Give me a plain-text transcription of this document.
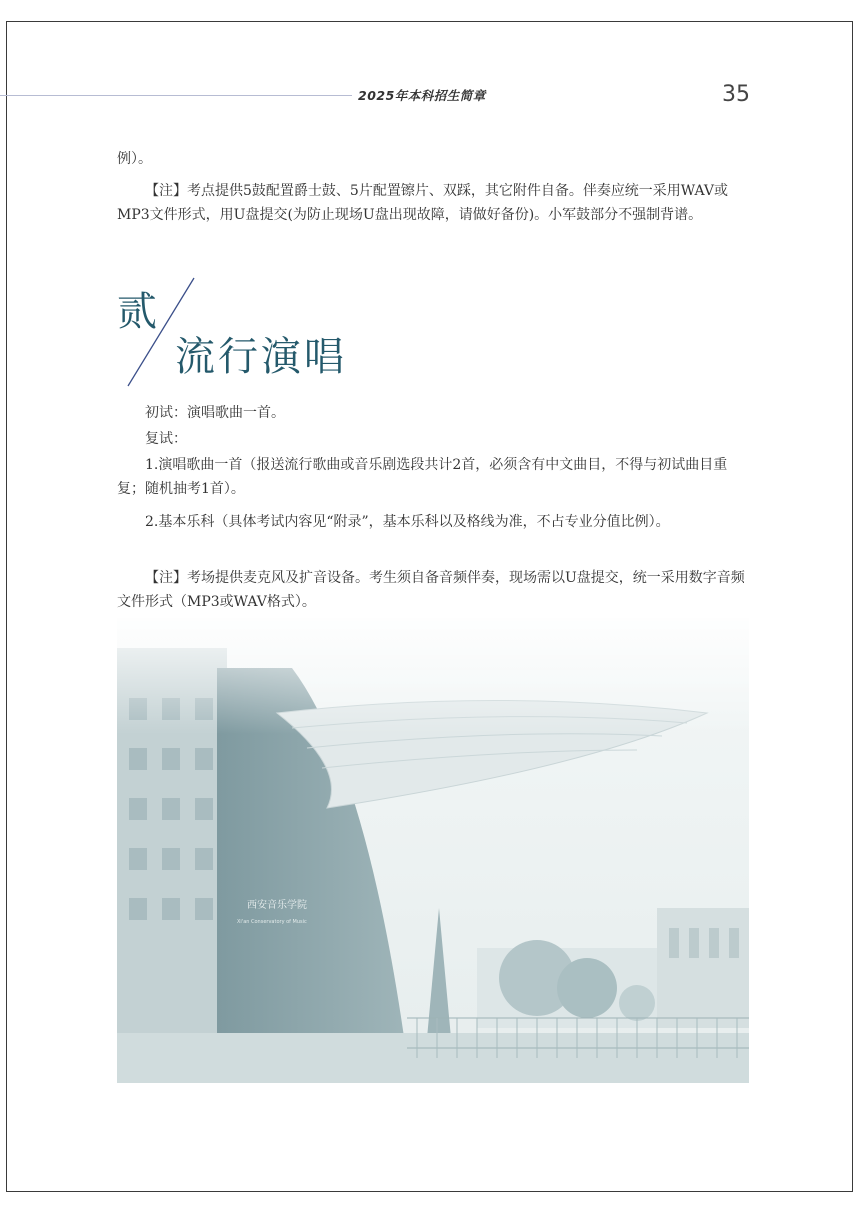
2025年本科招生简章	35

例）。

【注】考点提供5鼓配置爵士鼓、5片配置镲片、双踩，其它附件自备。伴奏应统一采用WAV或MP3文件形式，用U盘提交(为防止现场U盘出现故障，请做好备份)。小军鼓部分不强制背谱。

贰
流行演唱

初试：演唱歌曲一首。

复试：

1.演唱歌曲一首（报送流行歌曲或音乐剧选段共计2首，必须含有中文曲目，不得与初试曲目重复；随机抽考1首）。

2.基本乐科（具体考试内容见“附录”，基本乐科以及格线为准，不占专业分值比例）。

【注】考场提供麦克风及扩音设备。考生须自备音频伴奏，现场需以U盘提交，统一采用数字音频文件形式（MP3或WAV格式）。
